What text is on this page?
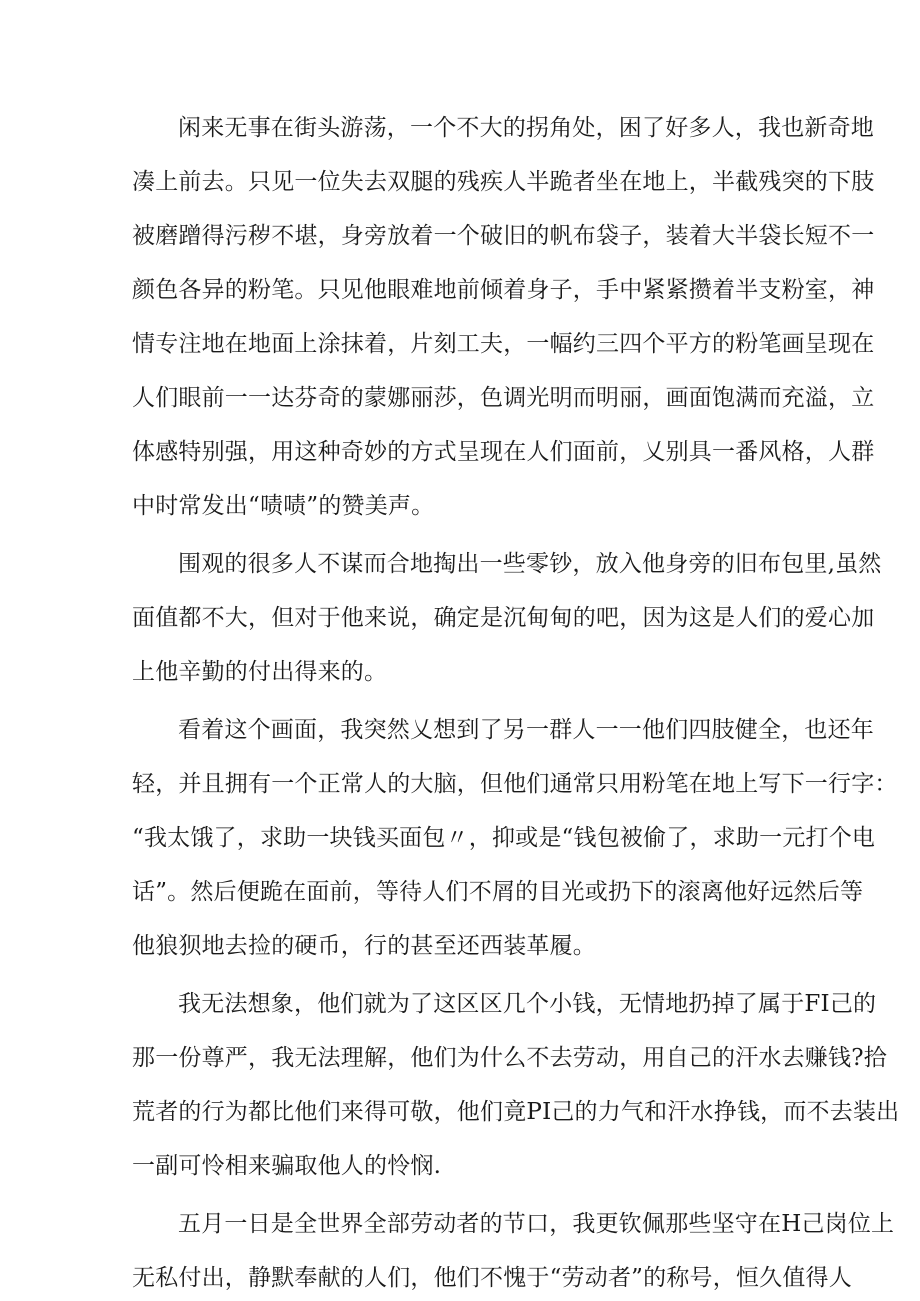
闲来无事在街头游荡，一个不大的拐角处，困了好多人，我也新奇地
凑上前去。只见一位失去双腿的残疾人半跪者坐在地上，半截残突的下肢
被磨蹭得污秽不堪，身旁放着一个破旧的帆布袋子，装着大半袋长短不一
颜色各异的粉笔。只见他眼难地前倾着身子，手中紧紧攒着半支粉室，神
情专注地在地面上涂抹着，片刻工夫，一幅约三四个平方的粉笔画呈现在
人们眼前一一达芬奇的蒙娜丽莎，色调光明而明丽，画面饱满而充溢，立
体感特别强，用这种奇妙的方式呈现在人们面前，乂别具一番风格，人群
中时常发出“啧啧”的赞美声。
围观的很多人不谋而合地掏出一些零钞，放入他身旁的旧布包里,虽然
面值都不大，但对于他来说，确定是沉甸甸的吧，因为这是人们的爱心加
上他辛勤的付出得来的。
看着这个画面，我突然乂想到了另一群人一一他们四肢健全，也还年
轻，并且拥有一个正常人的大脑，但他们通常只用粉笔在地上写下一行字：
“我太饿了，求助一块钱买面包〃，抑或是“钱包被偷了，求助一元打个电
话”。然后便跪在面前，等待人们不屑的目光或扔下的滚离他好远然后等
他狼狈地去捡的硬币，行的甚至还西装革履。
我无法想象，他们就为了这区区几个小钱，无情地扔掉了属于FI己的
那一份尊严，我无法理解，他们为什么不去劳动，用自己的汗水去赚钱?拾
荒者的行为都比他们来得可敬，他们竟PI己的力气和汗水挣钱，而不去装出
一副可怜相来骗取他人的怜悯.
五月一日是全世界全部劳动者的节口，我更钦佩那些坚守在H己岗位上
无私付出，静默奉献的人们，他们不愧于“劳动者”的称号，恒久值得人
